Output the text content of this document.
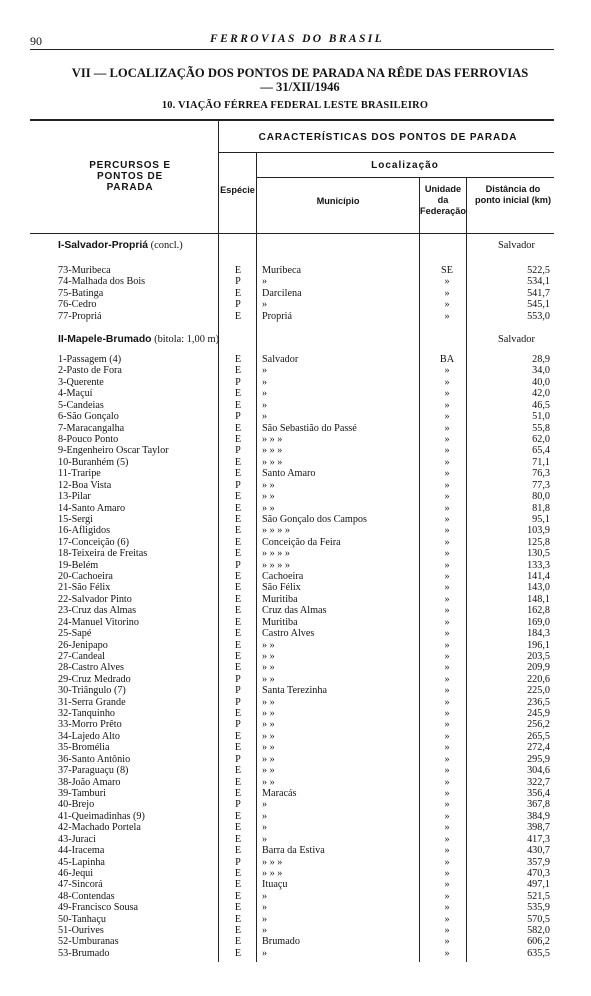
90	FERROVIAS DO BRASIL
VII — LOCALIZAÇÃO DOS PONTOS DE PARADA NA RÊDE DAS FERROVIAS
— 31/XII/1946
10. VIAÇÃO FÉRREA FEDERAL LESTE BRASILEIRO
PERCURSOS E PONTOS DE PARADA
CARACTERÍSTICAS DOS PONTOS DE PARADA
Localização
Espécie
Município
Unidade da Federação
Distância do ponto inicial (km)
I-Salvador-Propriá (concl.)	Salvador
73-Muribeca	E	Muribeca	SE	522,5
74-Malhada dos Bois	P	»	»	534,1
75-Batinga	E	Darcilena	»	541,7
76-Cedro	P	»	»	545,1
77-Propriá	E	Propriá	»	553,0
II-Mapele-Brumado (bitola: 1,00 m)	Salvador
1-Passagem (4)	E	Salvador	BA	28,9
2-Pasto de Fora	E	»	»	34,0
3-Querente	P	»	»	40,0
4-Maçuí	E	»	»	42,0
5-Candeias	E	»	»	46,5
6-São Gonçalo	P	»	»	51,0
7-Maracangalha	E	São Sebastião do Passé	»	55,8
8-Pouco Ponto	E	» » »	»	62,0
9-Engenheiro Oscar Taylor	P	» » »	»	65,4
10-Buranhém (5)	E	» » »	»	71,1
11-Traripe	E	Santo Amaro	»	76,3
12-Boa Vista	P	» »	»	77,3
13-Pilar	E	» »	»	80,0
14-Santo Amaro	E	» »	»	81,8
15-Sergi	E	São Gonçalo dos Campos	»	95,1
16-Afligidos	E	» » » »	»	103,9
17-Conceição (6)	E	Conceição da Feira	»	125,8
18-Teixeira de Freitas	E	» » » »	»	130,5
19-Belém	P	» » » »	»	133,3
20-Cachoeira	E	Cachoeira	»	141,4
21-São Félix	E	São Félix	»	143,0
22-Salvador Pinto	E	Muritiba	»	148,1
23-Cruz das Almas	E	Cruz das Almas	»	162,8
24-Manuel Vitorino	E	Muritiba	»	169,0
25-Sapé	E	Castro Alves	»	184,3
26-Jenipapo	E	» »	»	196,1
27-Candeal	E	» »	»	203,5
28-Castro Alves	E	» »	»	209,9
29-Cruz Medrado	P	» »	»	220,6
30-Triângulo (7)	P	Santa Terezinha	»	225,0
31-Serra Grande	P	» »	»	236,5
32-Tanquinho	E	» »	»	245,9
33-Morro Prêto	P	» »	»	256,2
34-Lajedo Alto	E	» »	»	265,5
35-Bromélia	E	» »	»	272,4
36-Santo Antônio	P	» »	»	295,9
37-Paraguaçu (8)	E	» »	»	304,6
38-João Amaro	E	» »	»	322,7
39-Tamburi	E	Maracás	»	356,4
40-Brejo	P	»	»	367,8
41-Queimadinhas (9)	E	»	»	384,9
42-Machado Portela	E	»	»	398,7
43-Juraci	E	»	»	417,3
44-Iracema	E	Barra da Estiva	»	430,7
45-Lapinha	P	» » »	»	357,9
46-Jequi	E	» » »	»	470,3
47-Sincorá	E	Ituaçu	»	497,1
48-Contendas	E	»	»	521,5
49-Francisco Sousa	E	»	»	535,9
50-Tanhaçu	E	»	»	570,5
51-Ourives	E	»	»	582,0
52-Umburanas	E	Brumado	»	606,2
53-Brumado	E	»	»	635,5
